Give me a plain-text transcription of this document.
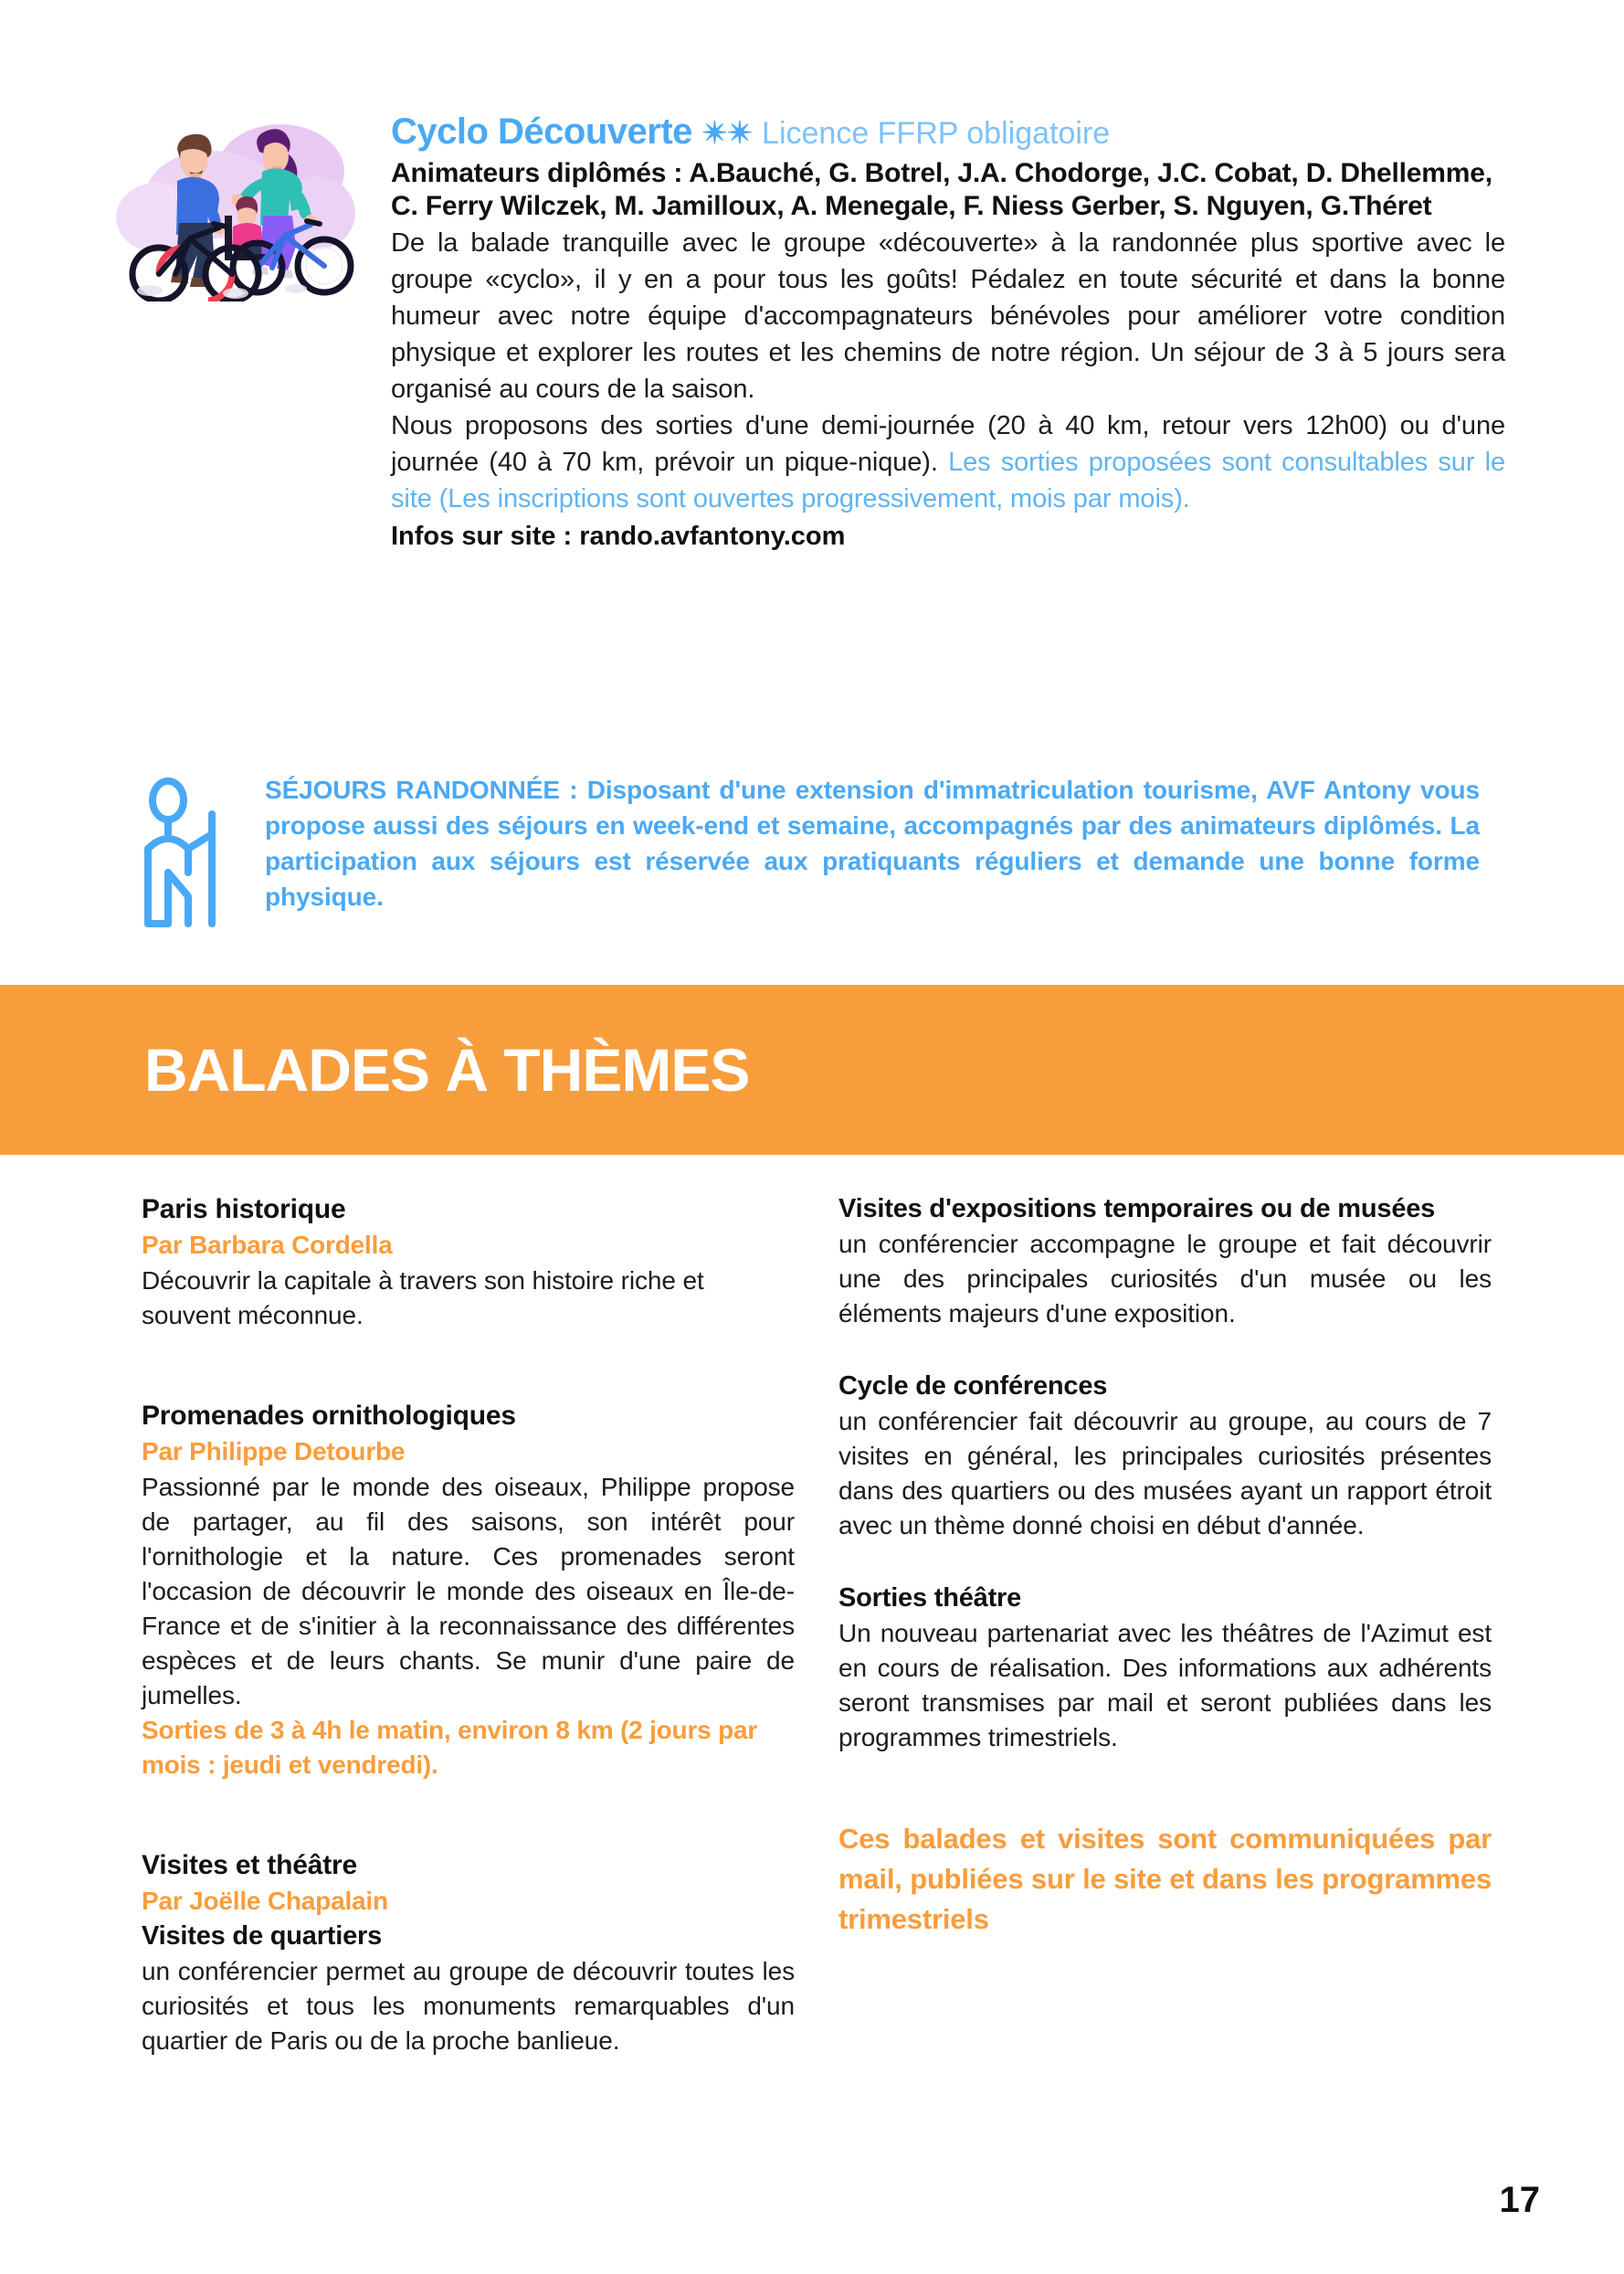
Cyclo Découverte ✴✴ Licence FFRP obligatoire
Animateurs diplômés : A.Bauché, G. Botrel, J.A. Chodorge, J.C. Cobat, D. Dhellemme, C. Ferry Wilczek, M. Jamilloux, A. Menegale, F. Niess Gerber, S. Nguyen, G.Théret
De la balade tranquille avec le groupe «découverte» à la randonnée plus sportive avec le groupe «cyclo», il y en a pour tous les goûts! Pédalez en toute sécurité et dans la bonne humeur avec notre équipe d'accompagnateurs bénévoles pour améliorer votre condition physique et explorer les routes et les chemins de notre région. Un séjour de 3 à 5 jours sera organisé au cours de la saison.
Nous proposons des sorties d'une demi-journée (20 à 40 km, retour vers 12h00) ou d'une journée (40 à 70 km, prévoir un pique-nique). Les sorties proposées sont consultables sur le site (Les inscriptions sont ouvertes progressivement, mois par mois).
Infos sur site : rando.avfantony.com
SÉJOURS RANDONNÉE : Disposant d'une extension d'immatriculation tourisme, AVF Antony vous propose aussi des séjours en week-end et semaine, accompagnés par des animateurs diplômés. La participation aux séjours est réservée aux pratiquants réguliers et demande une bonne forme physique.
BALADES À THÈMES
Paris historique
Par Barbara Cordella
Découvrir la capitale à travers son histoire riche et souvent méconnue.
Promenades ornithologiques
Par Philippe Detourbe
Passionné par le monde des oiseaux, Philippe propose de partager, au fil des saisons, son intérêt pour l'ornithologie et la nature. Ces promenades seront l'occasion de découvrir le monde des oiseaux en Île-de-France et de s'initier à la reconnaissance des différentes espèces et de leurs chants. Se munir d'une paire de jumelles.
Sorties de 3 à 4h le matin, environ 8 km (2 jours par mois : jeudi et vendredi).
Visites et théâtre
Par Joëlle Chapalain
Visites de quartiers
un conférencier permet au groupe de découvrir toutes les curiosités et tous les monuments remarquables d'un quartier de Paris ou de la proche banlieue.
Visites d'expositions temporaires ou de musées
un conférencier accompagne le groupe et fait découvrir une des principales curiosités d'un musée ou les éléments majeurs d'une exposition.
Cycle de conférences
un conférencier fait découvrir au groupe, au cours de 7 visites en général, les principales curiosités présentes dans des quartiers ou des musées ayant un rapport étroit avec un thème donné choisi en début d'année.
Sorties théâtre
Un nouveau partenariat avec les théâtres de l'Azimut est en cours de réalisation. Des informations aux adhérents seront transmises par mail et seront publiées dans les programmes trimestriels.
Ces balades et visites sont communiquées par mail, publiées sur le site et dans les programmes trimestriels
17
